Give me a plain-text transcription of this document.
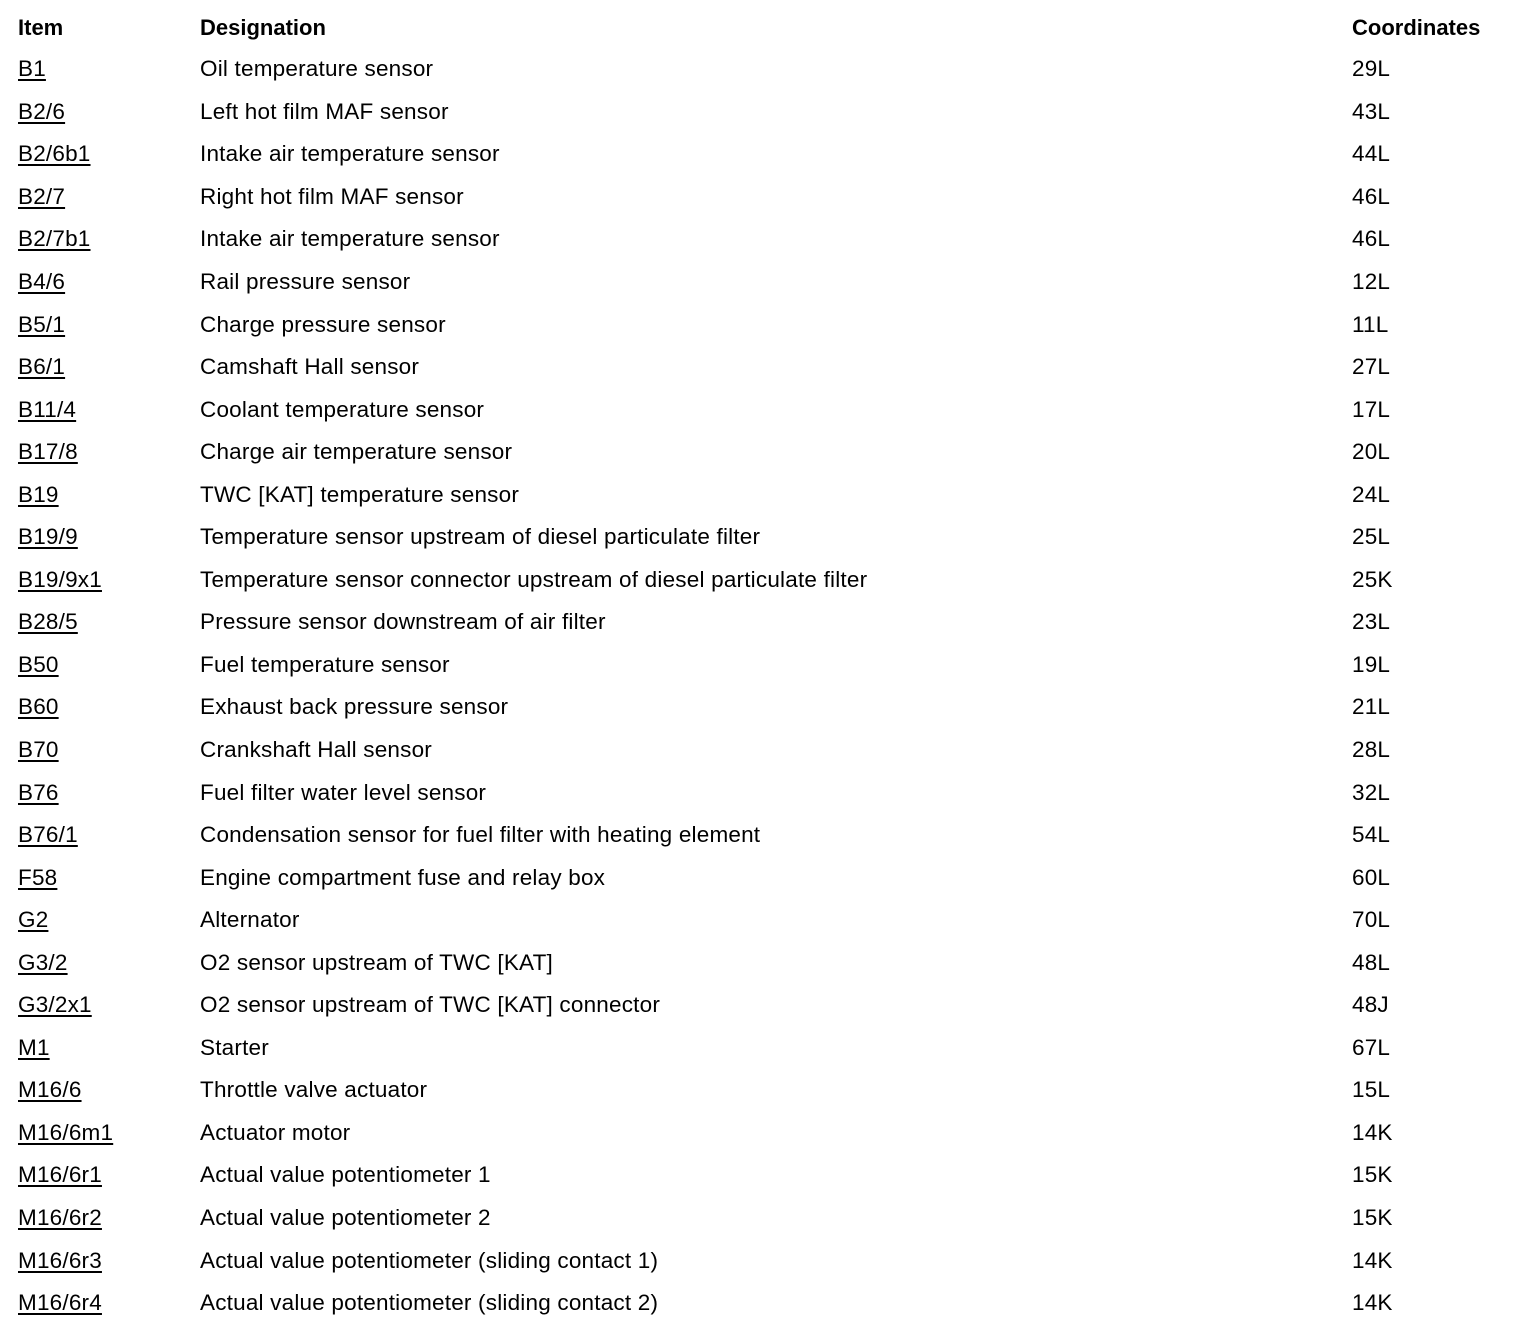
Item	Designation	Coordinates
B1	Oil temperature sensor	29L
B2/6	Left hot film MAF sensor	43L
B2/6b1	Intake air temperature sensor	44L
B2/7	Right hot film MAF sensor	46L
B2/7b1	Intake air temperature sensor	46L
B4/6	Rail pressure sensor	12L
B5/1	Charge pressure sensor	11L
B6/1	Camshaft Hall sensor	27L
B11/4	Coolant temperature sensor	17L
B17/8	Charge air temperature sensor	20L
B19	TWC [KAT] temperature sensor	24L
B19/9	Temperature sensor upstream of diesel particulate filter	25L
B19/9x1	Temperature sensor connector upstream of diesel particulate filter	25K
B28/5	Pressure sensor downstream of air filter	23L
B50	Fuel temperature sensor	19L
B60	Exhaust back pressure sensor	21L
B70	Crankshaft Hall sensor	28L
B76	Fuel filter water level sensor	32L
B76/1	Condensation sensor for fuel filter with heating element	54L
F58	Engine compartment fuse and relay box	60L
G2	Alternator	70L
G3/2	O2 sensor upstream of TWC [KAT]	48L
G3/2x1	O2 sensor upstream of TWC [KAT] connector	48J
M1	Starter	67L
M16/6	Throttle valve actuator	15L
M16/6m1	Actuator motor	14K
M16/6r1	Actual value potentiometer 1	15K
M16/6r2	Actual value potentiometer 2	15K
M16/6r3	Actual value potentiometer (sliding contact 1)	14K
M16/6r4	Actual value potentiometer (sliding contact 2)	14K
